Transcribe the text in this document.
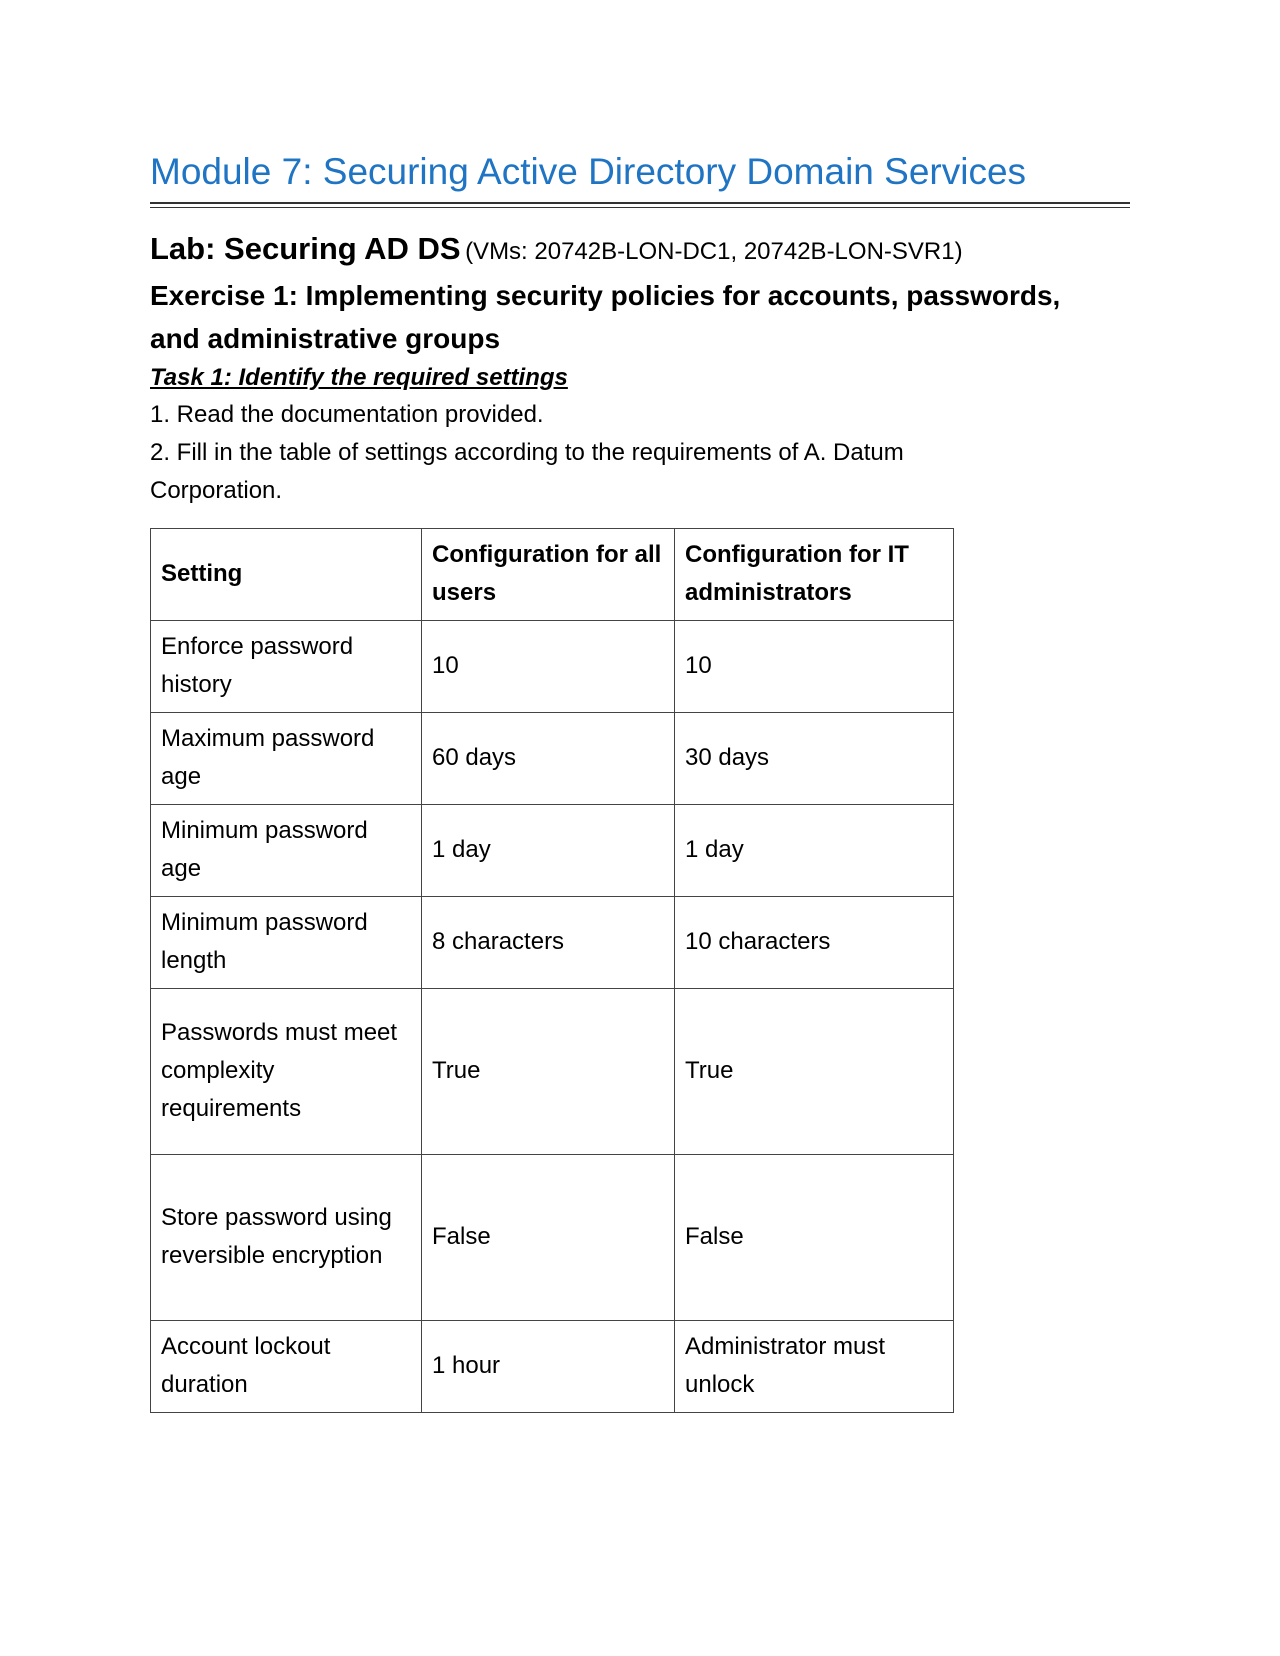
Module 7: Securing Active Directory Domain Services
Lab: Securing AD DS (VMs: 20742B-LON-DC1, 20742B-LON-SVR1)
Exercise 1: Implementing security policies for accounts, passwords, and administrative groups
Task 1: Identify the required settings
1. Read the documentation provided.
2. Fill in the table of settings according to the requirements of A. Datum Corporation.
Setting	Configuration for all users	Configuration for IT administrators
Enforce password history	10	10
Maximum password age	60 days	30 days
Minimum password age	1 day	1 day
Minimum password length	8 characters	10 characters
Passwords must meet complexity requirements	True	True
Store password using reversible encryption	False	False
Account lockout duration	1 hour	Administrator must unlock
